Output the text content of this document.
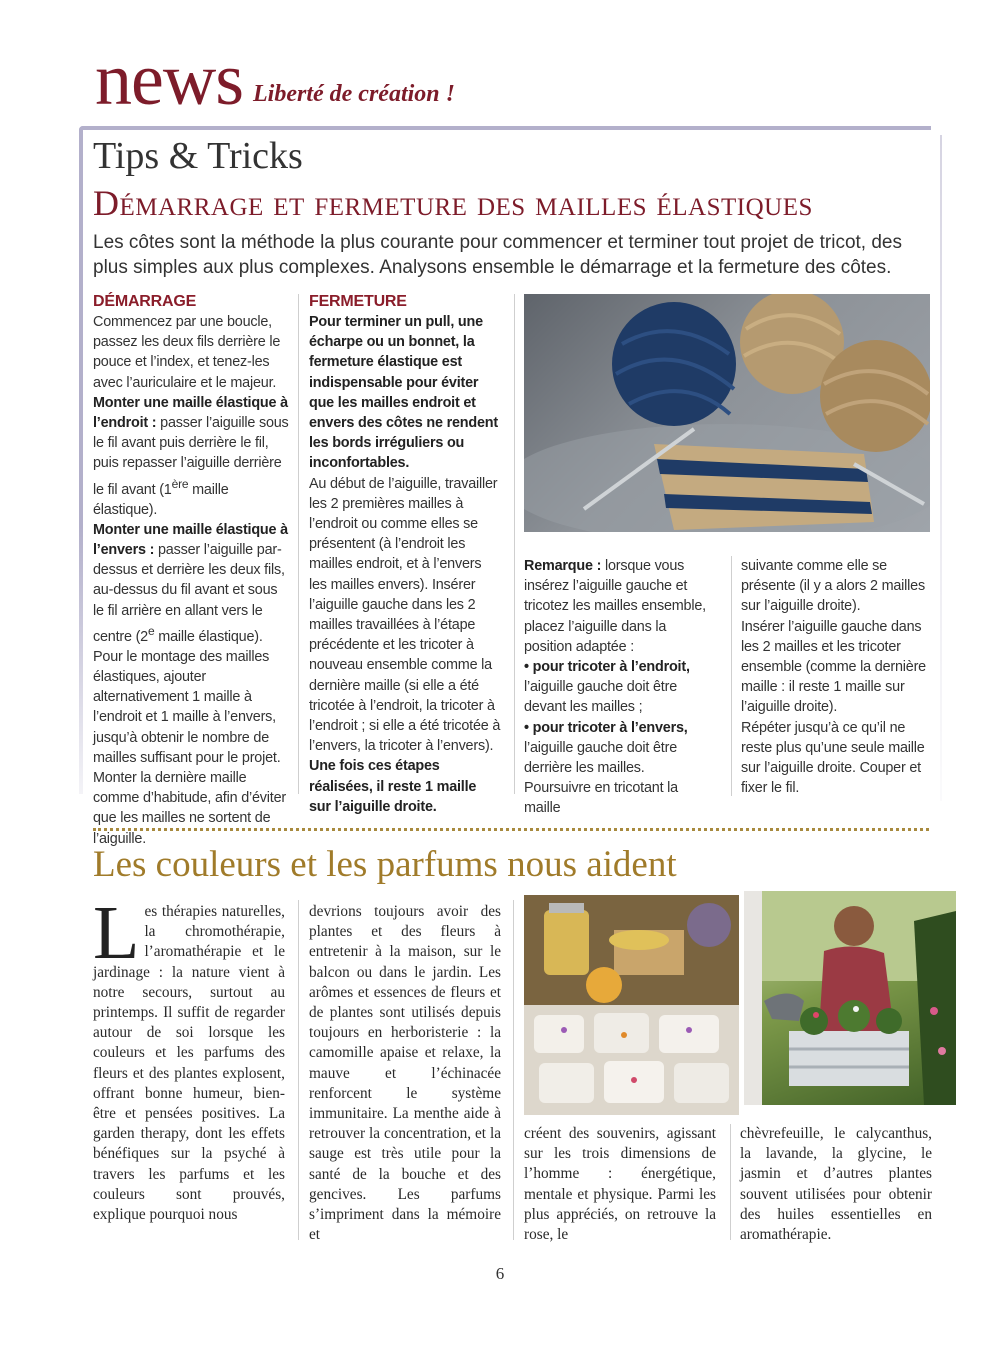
news Liberté de création !
Tips & Tricks
Démarrage et fermeture des mailles élastiques
Les côtes sont la méthode la plus courante pour commencer et terminer tout projet de tricot, des plus simples aux plus complexes. Analysons ensemble le démarrage et la fermeture des côtes.
DÉMARRAGE

Commencez par une boucle, passez les deux fils derrière le pouce et l’index, et tenez-les avec l’auriculaire et le majeur.

Monter une maille élastique à l’endroit : passer l’aiguille sous le fil avant puis derrière le fil, puis repasser l’aiguille derrière le fil avant (1ère maille élastique).

Monter une maille élastique à l’envers : passer l’aiguille par-dessus et derrière les deux fils, au-dessus du fil avant et sous le fil arrière en allant vers le centre (2e maille élastique).

Pour le montage des mailles élastiques, ajouter alternativement 1 maille à l’endroit et 1 maille à l’envers, jusqu’à obtenir le nombre de mailles suffisant pour le projet. Monter la dernière maille comme d’habitude, afin d’éviter que les mailles ne sortent de l’aiguille.

FERMETURE

Pour terminer un pull, une écharpe ou un bonnet, la fermeture élastique est indispensable pour éviter que les mailles endroit et envers des côtes ne rendent les bords irréguliers ou inconfortables.

Au début de l’aiguille, travailler les 2 premières mailles à l’endroit ou comme elles se présentent (à l’endroit les mailles endroit, et à l’envers les mailles envers). Insérer l’aiguille gauche dans les 2 mailles travaillées à l’étape précédente et les tricoter à nouveau ensemble comme la dernière maille (si elle a été tricotée à l’endroit, la tricoter à l’endroit ; si elle a été tricotée à l’envers, la tricoter à l’envers).

Une fois ces étapes réalisées, il reste 1 maille sur l’aiguille droite.

Remarque : lorsque vous insérez l’aiguille gauche et tricotez les mailles ensemble, placez l’aiguille dans la position adaptée :

• pour tricoter à l’endroit, l’aiguille gauche doit être devant les mailles ;

• pour tricoter à l’envers, l’aiguille gauche doit être derrière les mailles.

Poursuivre en tricotant la maille

suivante comme elle se présente (il y a alors 2 mailles sur l’aiguille droite).

Insérer l’aiguille gauche dans les 2 mailles et les tricoter ensemble (comme la dernière maille : il reste 1 maille sur l’aiguille droite).

Répéter jusqu’à ce qu’il ne reste plus qu’une seule maille sur l’aiguille droite. Couper et fixer le fil.

Les couleurs et les parfums nous aident
Les thérapies naturelles, la chromothérapie, l’aromathérapie et le jardinage : la nature vient à notre secours, surtout au printemps. Il suffit de regarder autour de soi lorsque les couleurs et les parfums des fleurs et des plantes explosent, offrant bonne humeur, bien-être et pensées positives. La garden therapy, dont les effets bénéfiques sur la psyché à travers les parfums et les couleurs sont prouvés, explique pourquoi nous
devrions toujours avoir des plantes et des fleurs à entretenir à la maison, sur le balcon ou dans le jardin. Les arômes et essences de fleurs et de plantes sont utilisés depuis toujours en herboristerie : la camomille apaise et relaxe, la mauve et l’échinacée renforcent le système immunitaire. La menthe aide à retrouver la concentration, et la sauge est très utile pour la santé de la bouche et des gencives. Les parfums s’impriment dans la mémoire et
créent des souvenirs, agissant sur les trois dimensions de l’homme : énergétique, mentale et physique. Parmi les plus appréciés, on retrouve la rose, le
chèvrefeuille, le calycanthus, la lavande, la glycine, le jasmin et d’autres plantes souvent utilisées pour obtenir des huiles essentielles en aromathérapie.
6
